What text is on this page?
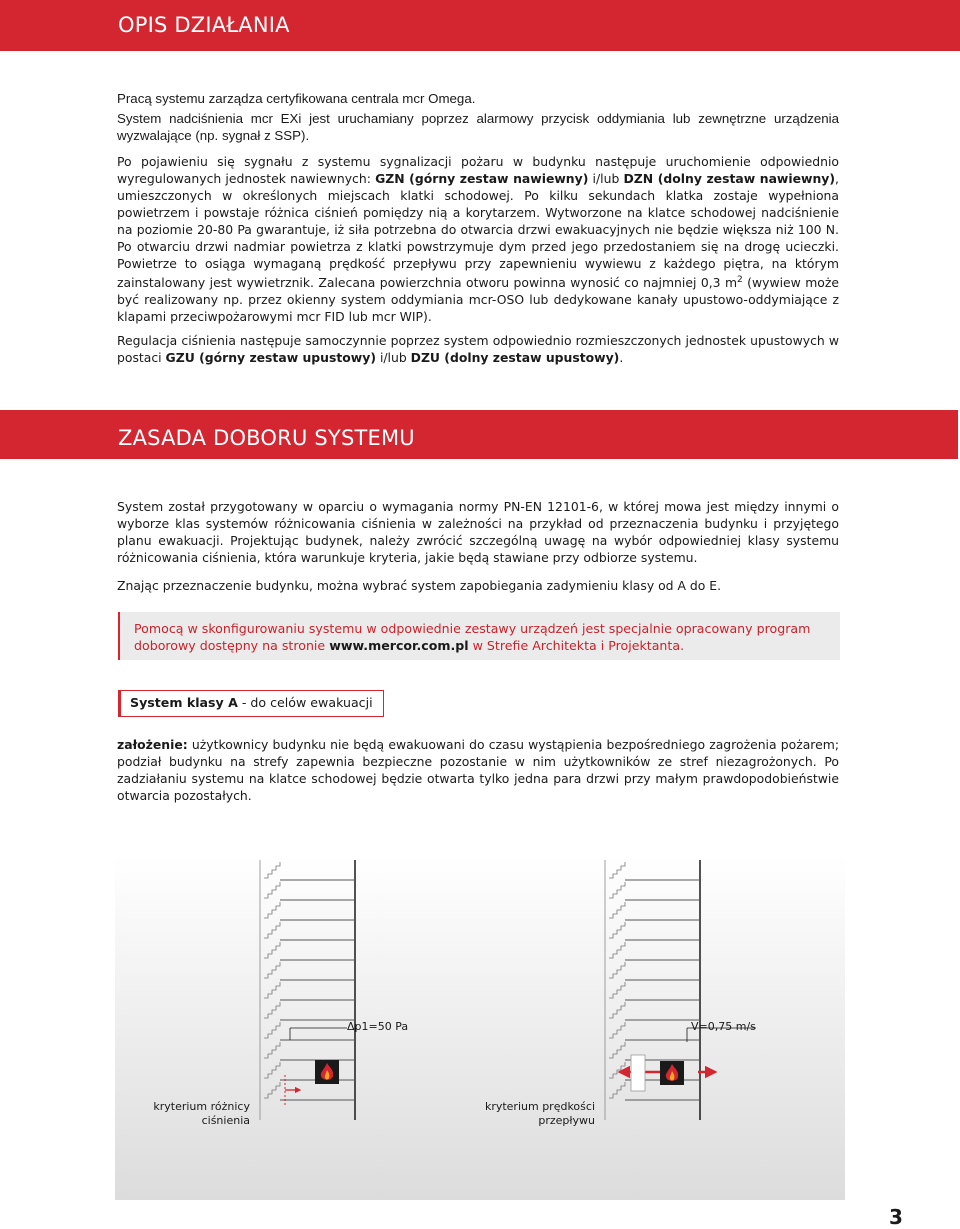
OPIS DZIAŁANIA

Pracą systemu zarządza certyfikowana centrala mcr Omega.

System nadciśnienia mcr EXi jest uruchamiany poprzez alarmowy przycisk oddymiania lub zewnętrzne urządzenia wyzwalające (np. sygnał z SSP).

Po pojawieniu się sygnału z systemu sygnalizacji pożaru w budynku następuje uruchomienie odpowiednio wyregulowanych jednostek nawiewnych: GZN (górny zestaw nawiewny) i/lub DZN (dolny zestaw nawiewny), umieszczonych w określonych miejscach klatki schodowej. Po kilku sekundach klatka zostaje wypełniona powietrzem i powstaje różnica ciśnień pomiędzy nią a korytarzem. Wytworzone na klatce schodowej nadciśnienie na poziomie 20-80 Pa gwarantuje, iż siła potrzebna do otwarcia drzwi ewakuacyjnych nie będzie większa niż 100 N. Po otwarciu drzwi nadmiar powietrza z klatki powstrzymuje dym przed jego przedostaniem się na drogę ucieczki. Powietrze to osiąga wymaganą prędkość przepływu przy zapewnieniu wywiewu z każdego piętra, na którym zainstalowany jest wywietrznik. Zalecana powierzchnia otworu powinna wynosić co najmniej 0,3 $m^2$ (wywiew może być realizowany np. przez okienny system oddymiania mcr-OSO lub dedykowane kanały upustowo-oddymiające z klapami przeciwpożarowymi mcr FID lub mcr WIP).
Regulacja ciśnienia następuje samoczynnie poprzez system odpowiednio rozmieszczonych jednostek upustowych w postaci GZU (górny zestaw upustowy) i/lub DZU (dolny zestaw upustowy).
ZASADA DOBORU SYSTEMU
System został przygotowany w oparciu o wymagania normy PN-EN 12101-6, w której mowa jest między innymi o wyborze klas systemów różnicowania ciśnienia w zależności na przykład od przeznaczenia budynku i przyjętego planu ewakuacji. Projektując budynek, należy zwrócić szczególną uwagę na wybór odpowiedniej klasy systemu różnicowania ciśnienia, która warunkuje kryteria, jakie będą stawiane przy odbiorze systemu.
Znając przeznaczenie budynku, można wybrać system zapobiegania zadymieniu klasy od A do E.
Pomocą w skonfigurowaniu systemu w odpowiednie zestawy urządzeń jest specjalnie opracowany program doborowy dostępny na stronie www.mercor.com.pl w Strefie Architekta i Projektanta.
System klasy A - do celów ewakuacji
założenie: użytkownicy budynku nie będą ewakuowani do czasu wystąpienia bezpośredniego zagrożenia pożarem; podział budynku na strefy zapewnia bezpieczne pozostanie w nim użytkowników ze stref niezagrożonych. Po zadziałaniu systemu na klatce schodowej będzie otwarta tylko jedna para drzwi przy małym prawdopodobieństwie otwarcia pozostałych.
Δp1=50 Pa	V=0,75 m/s
kryterium różnicy ciśnienia
kryterium prędkości przepływu
3
